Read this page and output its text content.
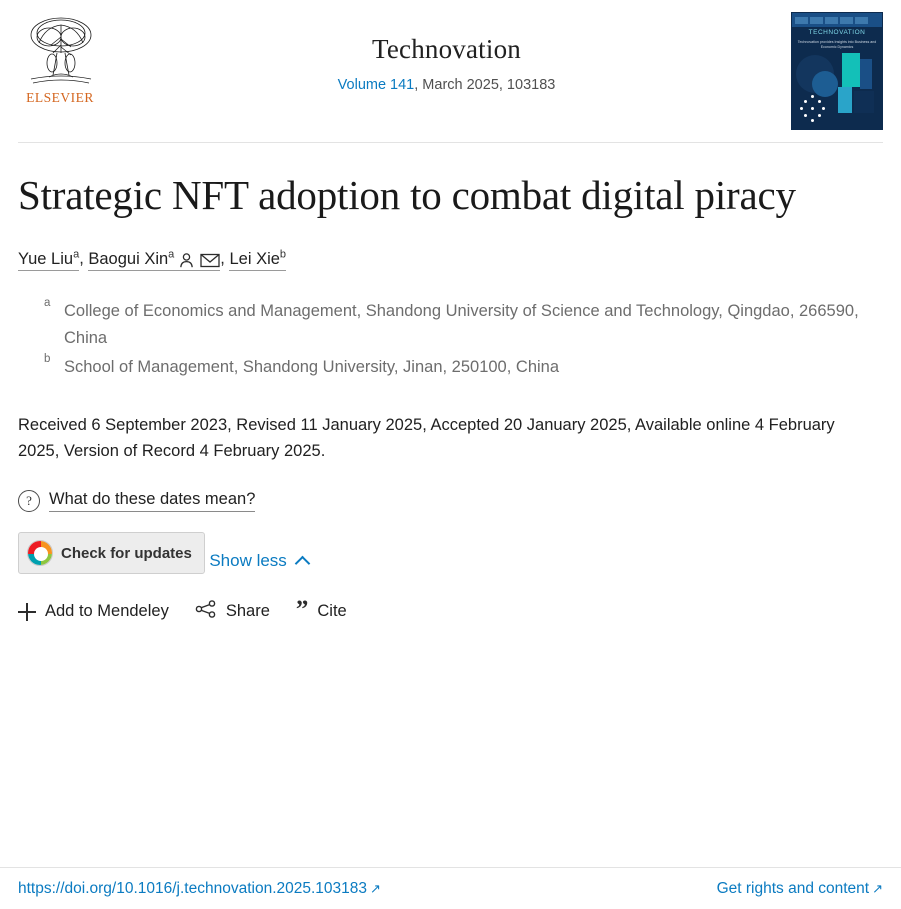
ELSEVIER
Technovation
Volume 141, March 2025, 103183
TECHNOVATION
Technovation provides Insights into Business and Economic Dynamics
Strategic NFT adoption to combat digital piracy
Yue Liu$^a$, Baogui Xin$^a$	, Lei Xie$^b$
a College of Economics and Management, Shandong University of Science and Technology, Qingdao, 266590, China
b School of Management, Shandong University, Jinan, 250100, China
Received 6 September 2023, Revised 11 January 2025, Accepted 20 January 2025, Available online 4 February 2025, Version of Record 4 February 2025.
?	What do these dates mean?
Check for updates
Show less
Add to Mendeley	Share ” Cite
https://doi.org/10.1016/j.technovation.2025.103183 ↗	Get rights and content ↗
